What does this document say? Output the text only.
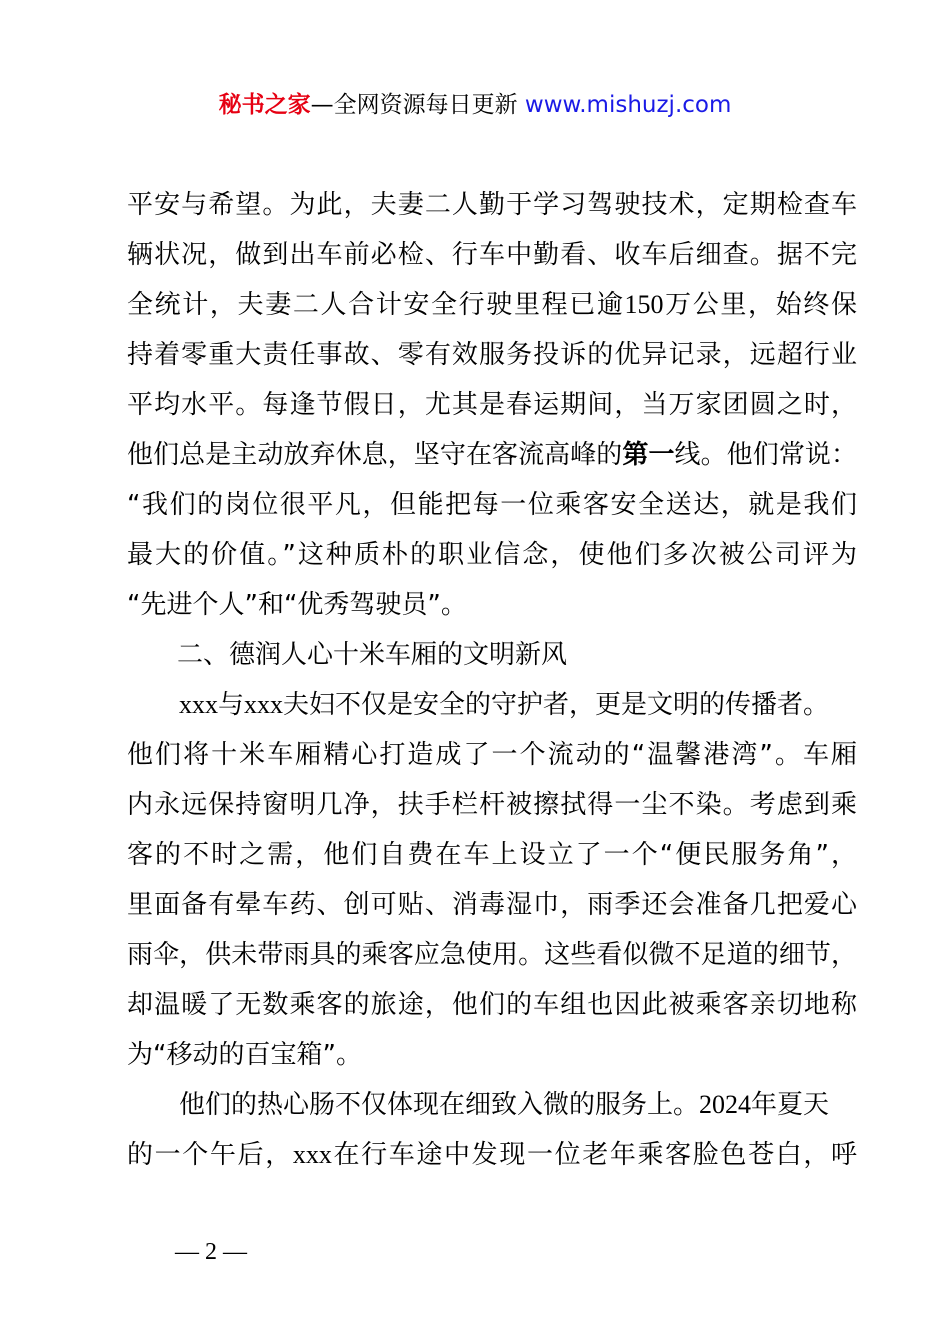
秘书之家—全网资源每日更新 www.mishuzj.com
平安与希望。为此，夫妻二人勤于学习驾驶技术，定期检查车
辆状况，做到出车前必检、行车中勤看、收车后细查。据不完
全统计，夫妻二人合计安全行驶里程已逾150万公里，始终保
持着零重大责任事故、零有效服务投诉的优异记录，远超行业
平均水平。每逢节假日，尤其是春运期间，当万家团圆之时，
他们总是主动放弃休息，坚守在客流高峰的第一线。他们常说：
“我们的岗位很平凡，但能把每一位乘客安全送达，就是我们
最大的价值。”这种质朴的职业信念，使他们多次被公司评为
“先进个人”和“优秀驾驶员”。
二、德润人心十米车厢的文明新风
xxx与xxx夫妇不仅是安全的守护者，更是文明的传播者。
他们将十米车厢精心打造成了一个流动的“温馨港湾”。车厢
内永远保持窗明几净，扶手栏杆被擦拭得一尘不染。考虑到乘
客的不时之需，他们自费在车上设立了一个“便民服务角”，
里面备有晕车药、创可贴、消毒湿巾，雨季还会准备几把爱心
雨伞，供未带雨具的乘客应急使用。这些看似微不足道的细节，
却温暖了无数乘客的旅途，他们的车组也因此被乘客亲切地称
为“移动的百宝箱”。
他们的热心肠不仅体现在细致入微的服务上。2024年夏天
的一个午后，xxx在行车途中发现一位老年乘客脸色苍白，呼
— 2 —
